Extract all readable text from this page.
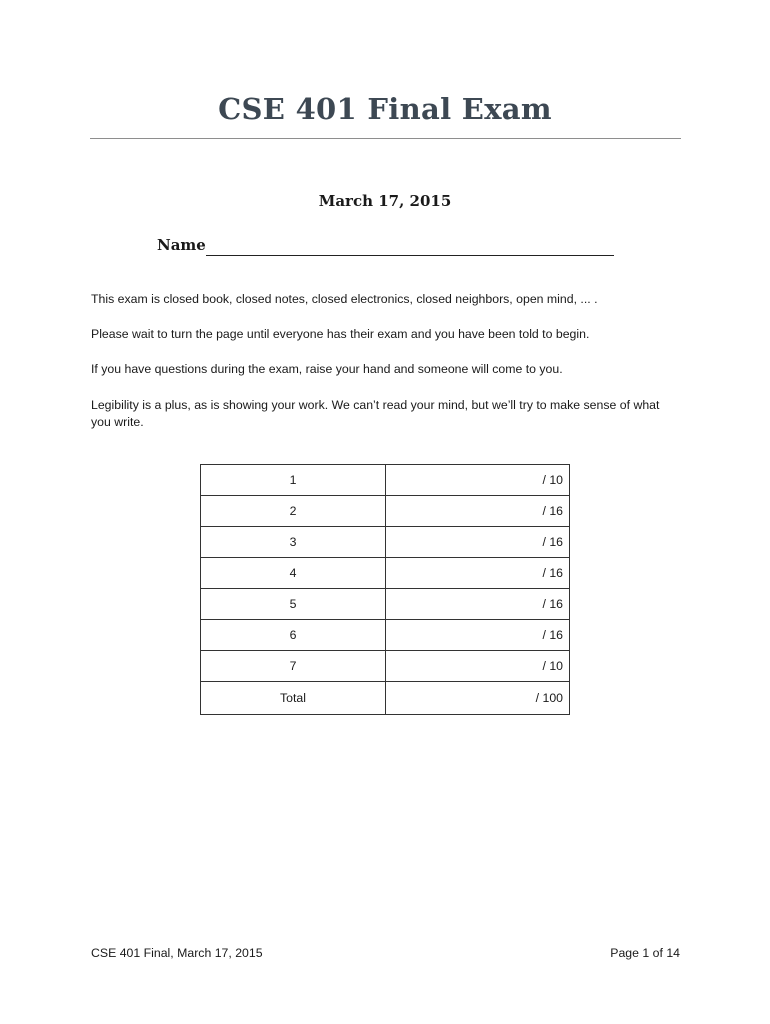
CSE 401 Final Exam
March 17, 2015
Name
This exam is closed book, closed notes, closed electronics, closed neighbors, open mind, ... .
Please wait to turn the page until everyone has their exam and you have been told to begin.
If you have questions during the exam, raise your hand and someone will come to you.
Legibility is a plus, as is showing your work. We can’t read your mind, but we’ll try to make sense of what you write.
1	/ 10
2	/ 16
3	/ 16
4	/ 16
5	/ 16
6	/ 16
7	/ 10
Total	/ 100
CSE 401 Final, March 17, 2015	Page 1 of 14
